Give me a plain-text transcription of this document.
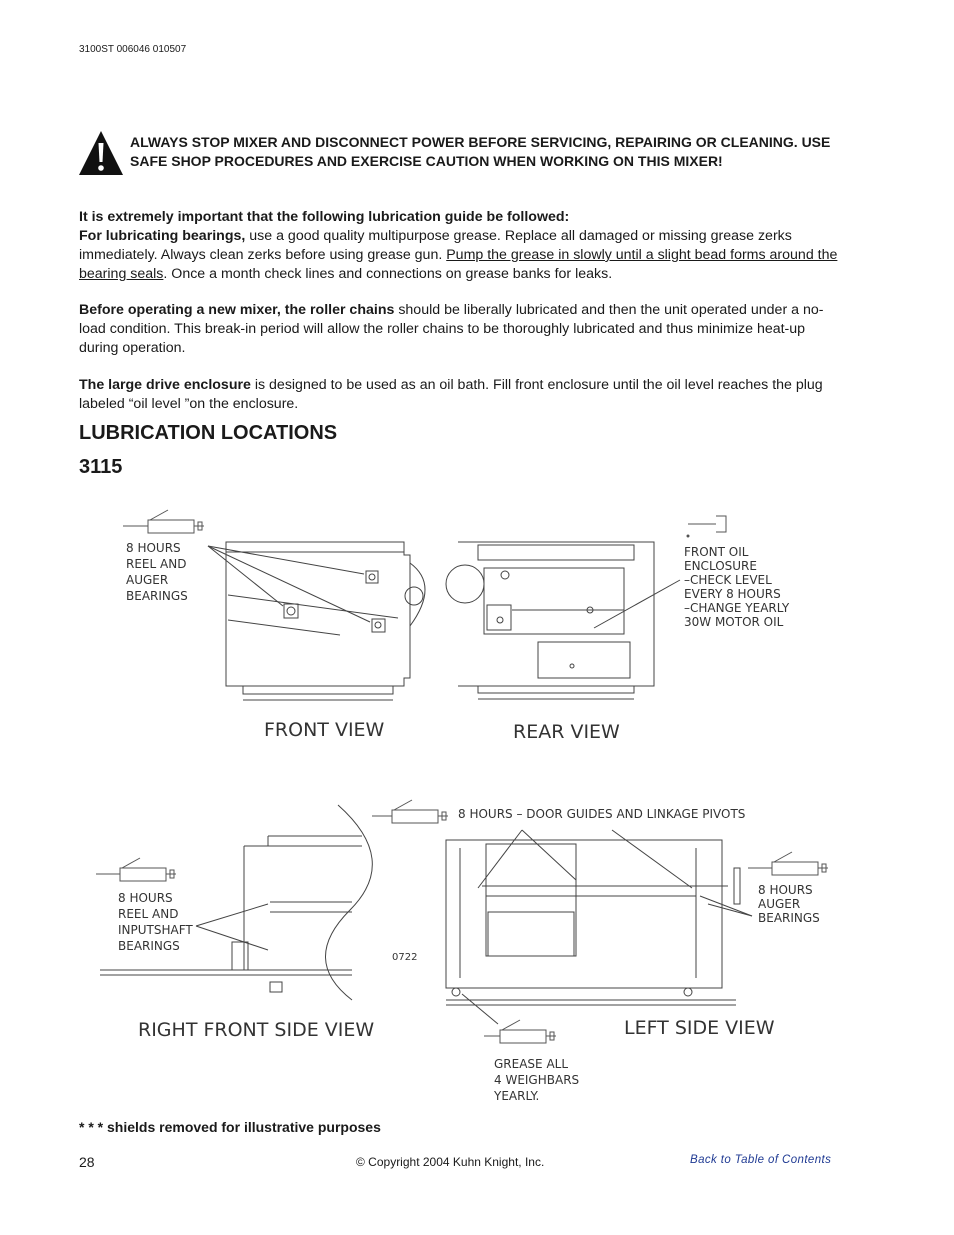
3100ST 006046 010507
ALWAYS STOP MIXER AND DISCONNECT POWER BEFORE SERVICING, REPAIRING OR CLEANING. USE SAFE SHOP PROCEDURES AND EXERCISE CAUTION WHEN WORKING ON THIS MIXER!
It is extremely important that the following lubrication guide be followed:
For lubricating bearings, use a good quality multipurpose grease. Replace all damaged or missing grease zerks immediately. Always clean zerks before using grease gun. Pump the grease in slowly until a slight bead forms around the bearing seals. Once a month check lines and connections on grease banks for leaks.
Before operating a new mixer, the roller chains should be liberally lubricated and then the unit operated under a no-load condition. This break-in period will allow the roller chains to be thoroughly lubricated and thus minimize heat-up during operation.
The large drive enclosure is designed to be used as an oil bath. Fill front enclosure until the oil level reaches the plug labeled “oil level ”on the enclosure.
LUBRICATION LOCATIONS
3115
8 HOURS
REEL AND
AUGER
BEARINGS
FRONT VIEW
FRONT OIL
ENCLOSURE
–CHECK LEVEL
EVERY 8 HOURS
–CHANGE YEARLY
30W MOTOR OIL
REAR VIEW
8 HOURS
REEL AND
INPUTSHAFT
BEARINGS
RIGHT FRONT SIDE VIEW
8 HOURS – DOOR GUIDES AND LINKAGE PIVOTS
0722
8 HOURS
AUGER
BEARINGS
GREASE ALL
4 WEIGHBARS
YEARLY.
LEFT SIDE VIEW
* * * shields removed for illustrative purposes
28	© Copyright 2004 Kuhn Knight, Inc.	Back to Table of Contents
